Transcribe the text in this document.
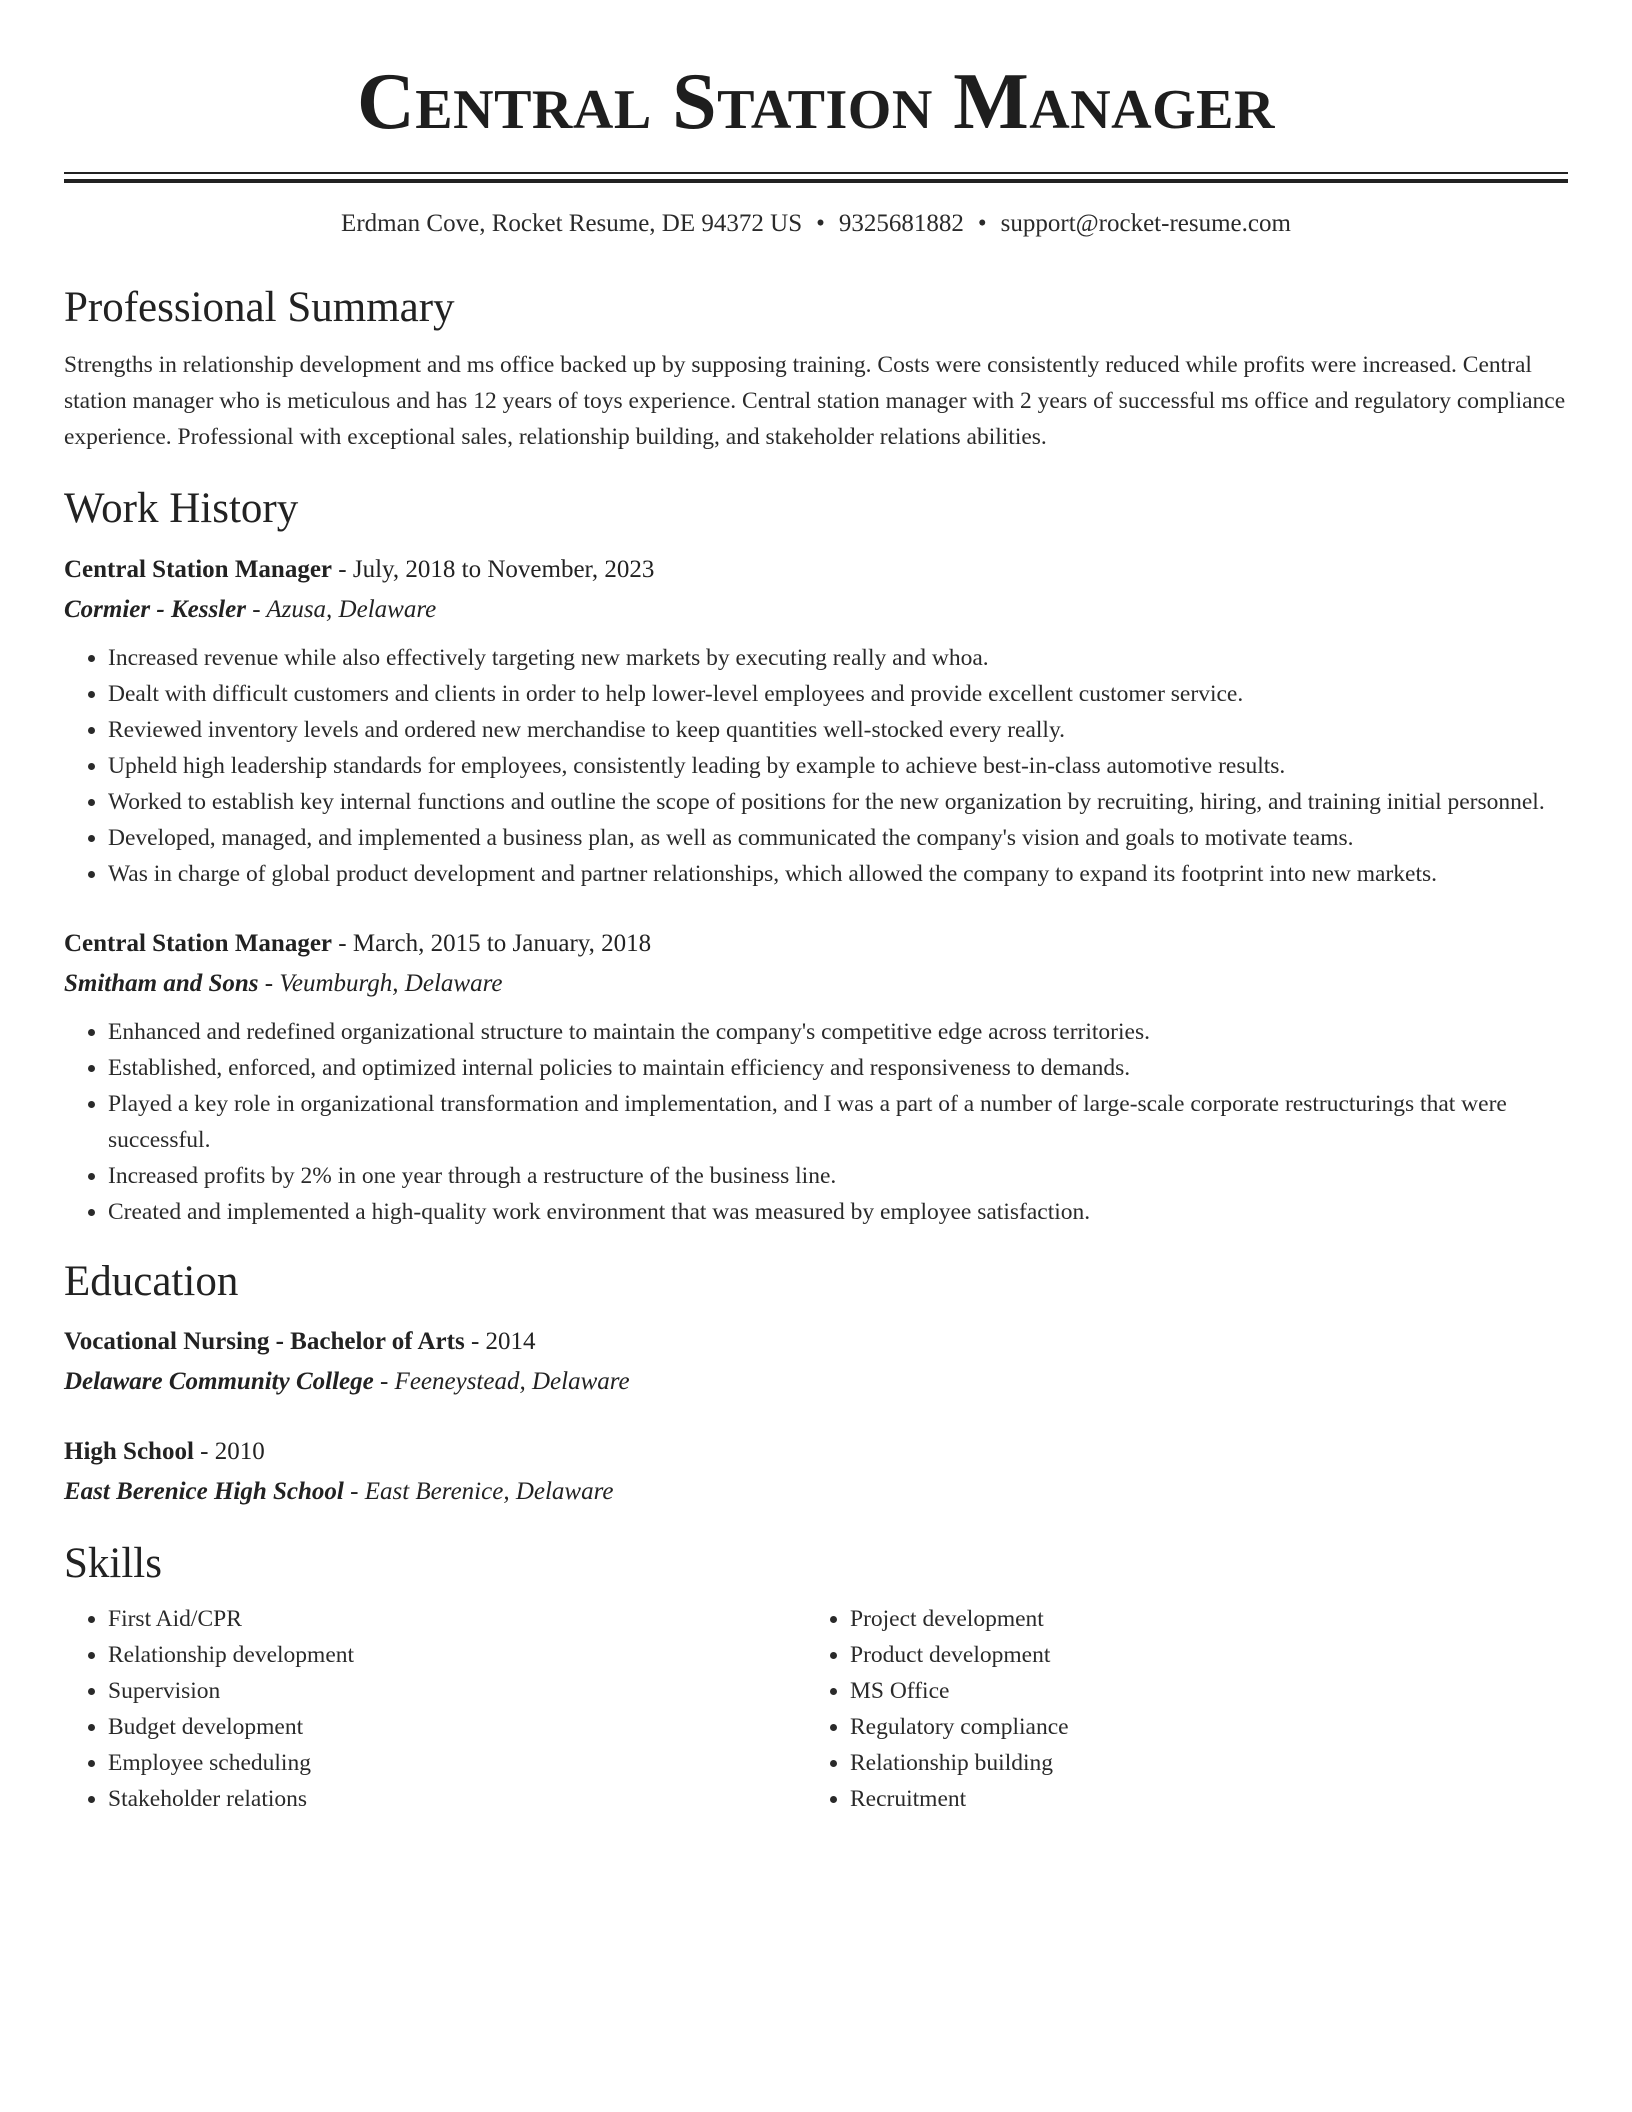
Central Station Manager
Erdman Cove, Rocket Resume, DE 94372 US • 9325681882 • support@rocket-resume.com
Professional Summary
Strengths in relationship development and ms office backed up by supposing training. Costs were consistently reduced while profits were increased. Central station manager who is meticulous and has 12 years of toys experience. Central station manager with 2 years of successful ms office and regulatory compliance experience. Professional with exceptional sales, relationship building, and stakeholder relations abilities.
Work History
Central Station Manager - July, 2018 to November, 2023
Cormier - Kessler - Azusa, Delaware
• Increased revenue while also effectively targeting new markets by executing really and whoa.
• Dealt with difficult customers and clients in order to help lower-level employees and provide excellent customer service.
• Reviewed inventory levels and ordered new merchandise to keep quantities well-stocked every really.
• Upheld high leadership standards for employees, consistently leading by example to achieve best-in-class automotive results.
• Worked to establish key internal functions and outline the scope of positions for the new organization by recruiting, hiring, and training initial personnel.
• Developed, managed, and implemented a business plan, as well as communicated the company's vision and goals to motivate teams.
• Was in charge of global product development and partner relationships, which allowed the company to expand its footprint into new markets.
Central Station Manager - March, 2015 to January, 2018
Smitham and Sons - Veumburgh, Delaware
• Enhanced and redefined organizational structure to maintain the company's competitive edge across territories.
• Established, enforced, and optimized internal policies to maintain efficiency and responsiveness to demands.
• Played a key role in organizational transformation and implementation, and I was a part of a number of large-scale corporate restructurings that were successful.
• Increased profits by 2% in one year through a restructure of the business line.
• Created and implemented a high-quality work environment that was measured by employee satisfaction.
Education
Vocational Nursing - Bachelor of Arts - 2014
Delaware Community College - Feeneystead, Delaware
High School - 2010
East Berenice High School - East Berenice, Delaware
Skills
• First Aid/CPR
• Relationship development
• Supervision
• Budget development
• Employee scheduling
• Stakeholder relations
• Project development
• Product development
• MS Office
• Regulatory compliance
• Relationship building
• Recruitment
